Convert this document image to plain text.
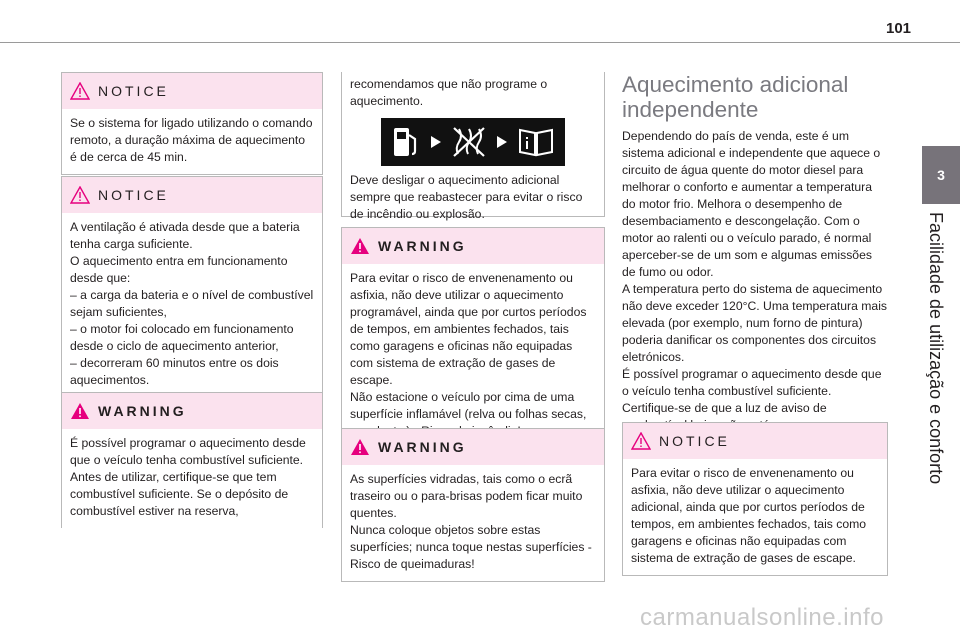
101
3
Facilidade de utilização e conforto
NOTICE
Se o sistema for ligado utilizando o comando remoto, a duração máxima de aquecimento é de cerca de 45 min.
NOTICE
A ventilação é ativada desde que a bateria tenha carga suficiente.
O aquecimento entra em funcionamento desde que:
– a carga da bateria e o nível de combustível sejam suficientes,
– o motor foi colocado em funcionamento desde o ciclo de aquecimento anterior,
– decorreram 60 minutos entre os dois aquecimentos.
WARNING
É possível programar o aquecimento desde que o veículo tenha combustível suficiente. Antes de utilizar, certifique-se que tem combustível suficiente. Se o depósito de combustível estiver na reserva,
recomendamos que não programe o aquecimento.
Deve desligar o aquecimento adicional sempre que reabastecer para evitar o risco de incêndio ou explosão.
WARNING
Para evitar o risco de envenenamento ou asfixia, não deve utilizar o aquecimento programável, ainda que por curtos períodos de tempos, em ambientes fechados, tais como garagens e oficinas não equipadas com sistema de extração de gases de escape.
Não estacione o veículo por cima de uma superfície inflamável (relva ou folhas secas,
WARNING
As superfícies vidradas, tais como o ecrã traseiro ou o para-brisas podem ficar muito quentes.
Nunca coloque objetos sobre estas superfícies; nunca toque nestas superfícies - Risco de queimaduras!
Aquecimento adicional
independente
Dependendo do país de venda, este é um sistema adicional e independente que aquece o circuito de água quente do motor diesel para melhorar o conforto e aumentar a temperatura do motor frio. Melhora o desempenho de desembaciamento e descongelação. Com o motor ao ralenti ou o veículo parado, é normal aperceber-se de um som e algumas emissões de fumo ou odor.
A temperatura perto do sistema de aquecimento não deve exceder 120°C. Uma temperatura mais elevada (por exemplo, num forno de pintura) poderia danificar os componentes dos circuitos eletrónicos.
É possível programar o aquecimento desde que o veículo tenha combustível suficiente. Certifique-se de que a luz de aviso de
NOTICE
Para evitar o risco de envenenamento ou asfixia, não deve utilizar o aquecimento adicional, ainda que por curtos períodos de tempos, em ambientes fechados, tais como garagens e oficinas não equipadas com sistema de extração de gases de escape.
carmanualsonline.info
